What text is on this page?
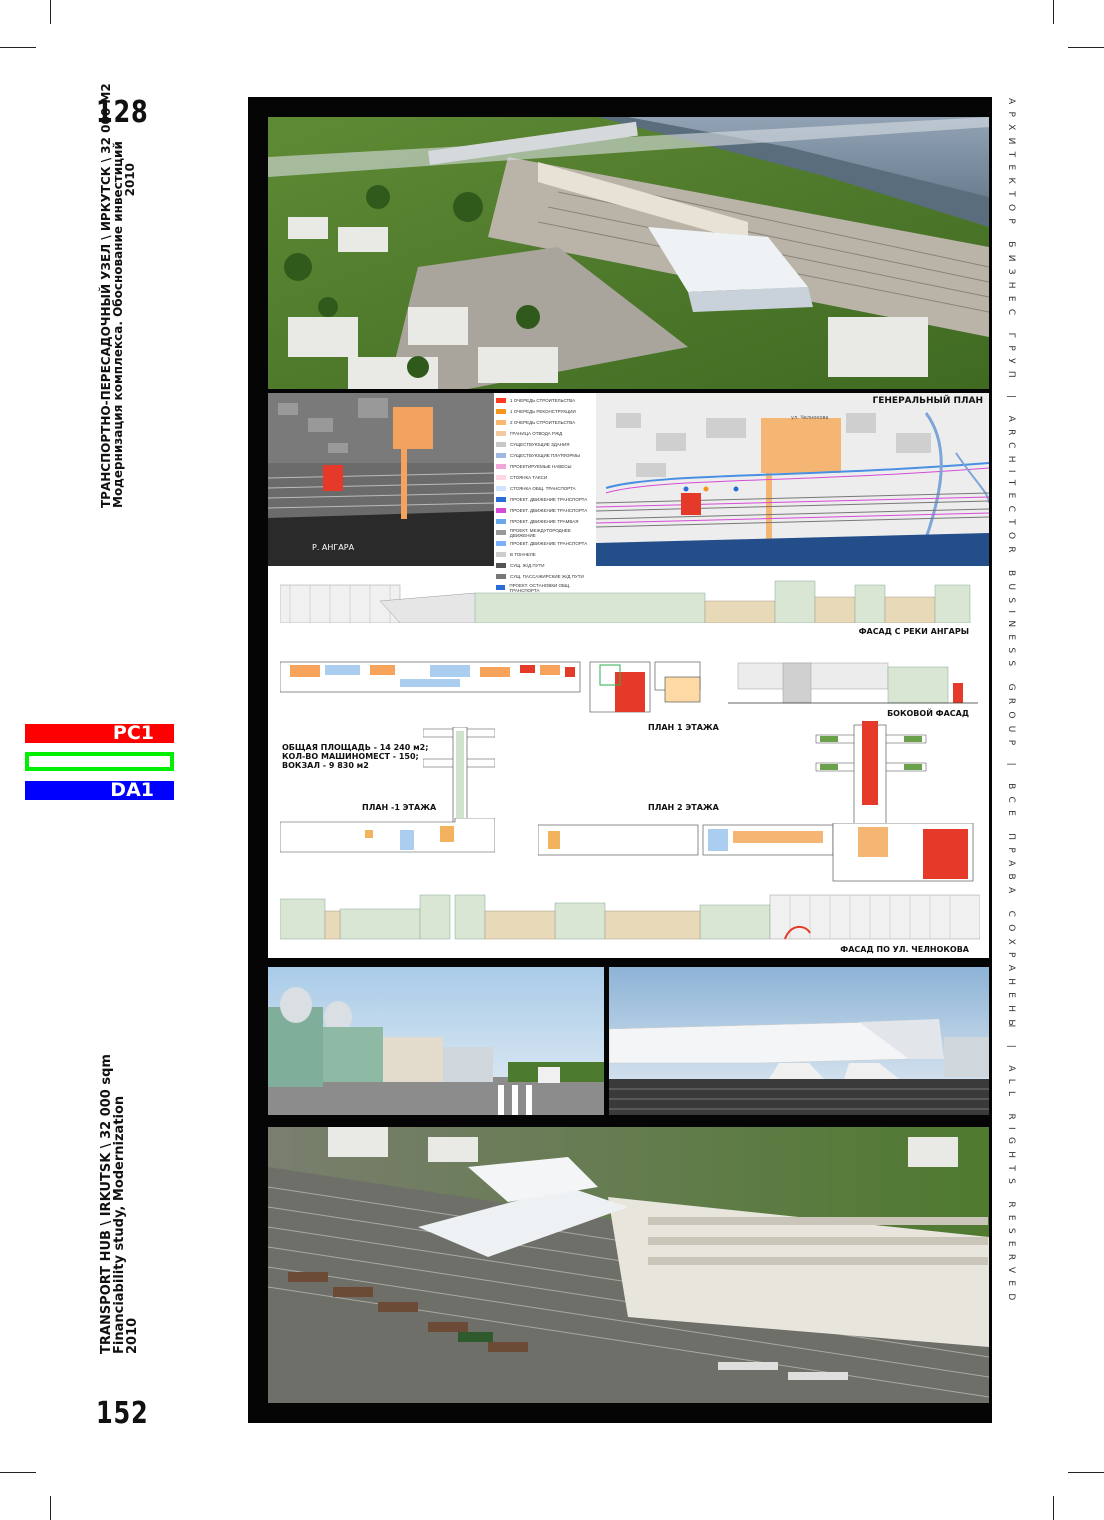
128
152
ТРАНСПОРТНО-ПЕРЕСАДОЧНЫЙ УЗЕЛ \ ИРКУТСК \ 32 000 М2
Модернизация комплекса. Обоснование инвестиций
2010
TRANSPORT HUB \ IRKUTSK \ 32 000 sqm
Financiability study, Modernization
2010
PC1
DA1	АРХИТЕКТОР БИЗНЕС ГРУП | ARCHITECTOR BUSINESS GROUP | ВСЕ ПРАВА СОХРАНЕНЫ | ALL RIGHTS RESERVED
Р. АНГАРА
1 ОЧЕРЕДЬ СТРОИТЕЛЬСТВА
1 ОЧЕРЕДЬ РЕКОНСТРУКЦИИ
2 ОЧЕРЕДЬ СТРОИТЕЛЬСТВА
ГРАНИЦА ОТВОДА РЖД
СУЩЕСТВУЮЩИЕ ЗДАНИЯ
СУЩЕСТВУЮЩИЕ ПЛАТФОРМЫ
ПРОЕКТИРУЕМЫЕ НАВЕСЫ
СТОЯНКА ТАКСИ
СТОЯНКА ОБЩ. ТРАНСПОРТА
ПРОЕКТ. ДВИЖЕНИЕ ТРАНСПОРТА
ПРОЕКТ. ДВИЖЕНИЕ ТРАНСПОРТА
ПРОЕКТ. ДВИЖЕНИЕ ТРАМВАЯ
ПРОЕКТ. МЕЖДУГОРОДНЕЕ ДВИЖЕНИЕ
ПРОЕКТ. ДВИЖЕНИЕ ТРАНСПОРТА
В ТОННЕЛЕ
СУЩ. Ж/Д ПУТИ
СУЩ. ПАССАЖИРСКИЕ Ж/Д ПУТИ
ПРОЕКТ. ОСТАНОВКИ ОБЩ. ТРАНСПОРТА
ГЕНЕРАЛЬНЫЙ ПЛАН
ул. Челнокова
ФАСАД С РЕКИ АНГАРЫ
ПЛАН 1 ЭТАЖА
БОКОВОЙ ФАСАД
ОБЩАЯ ПЛОЩАДЬ - 14 240 м2;
КОЛ-ВО МАШИНОМЕСТ - 150;
ВОКЗАЛ - 9 830 м2
ПЛАН -1 ЭТАЖА	ПЛАН 2 ЭТАЖА
ФАСАД ПО УЛ. ЧЕЛНОКОВА
